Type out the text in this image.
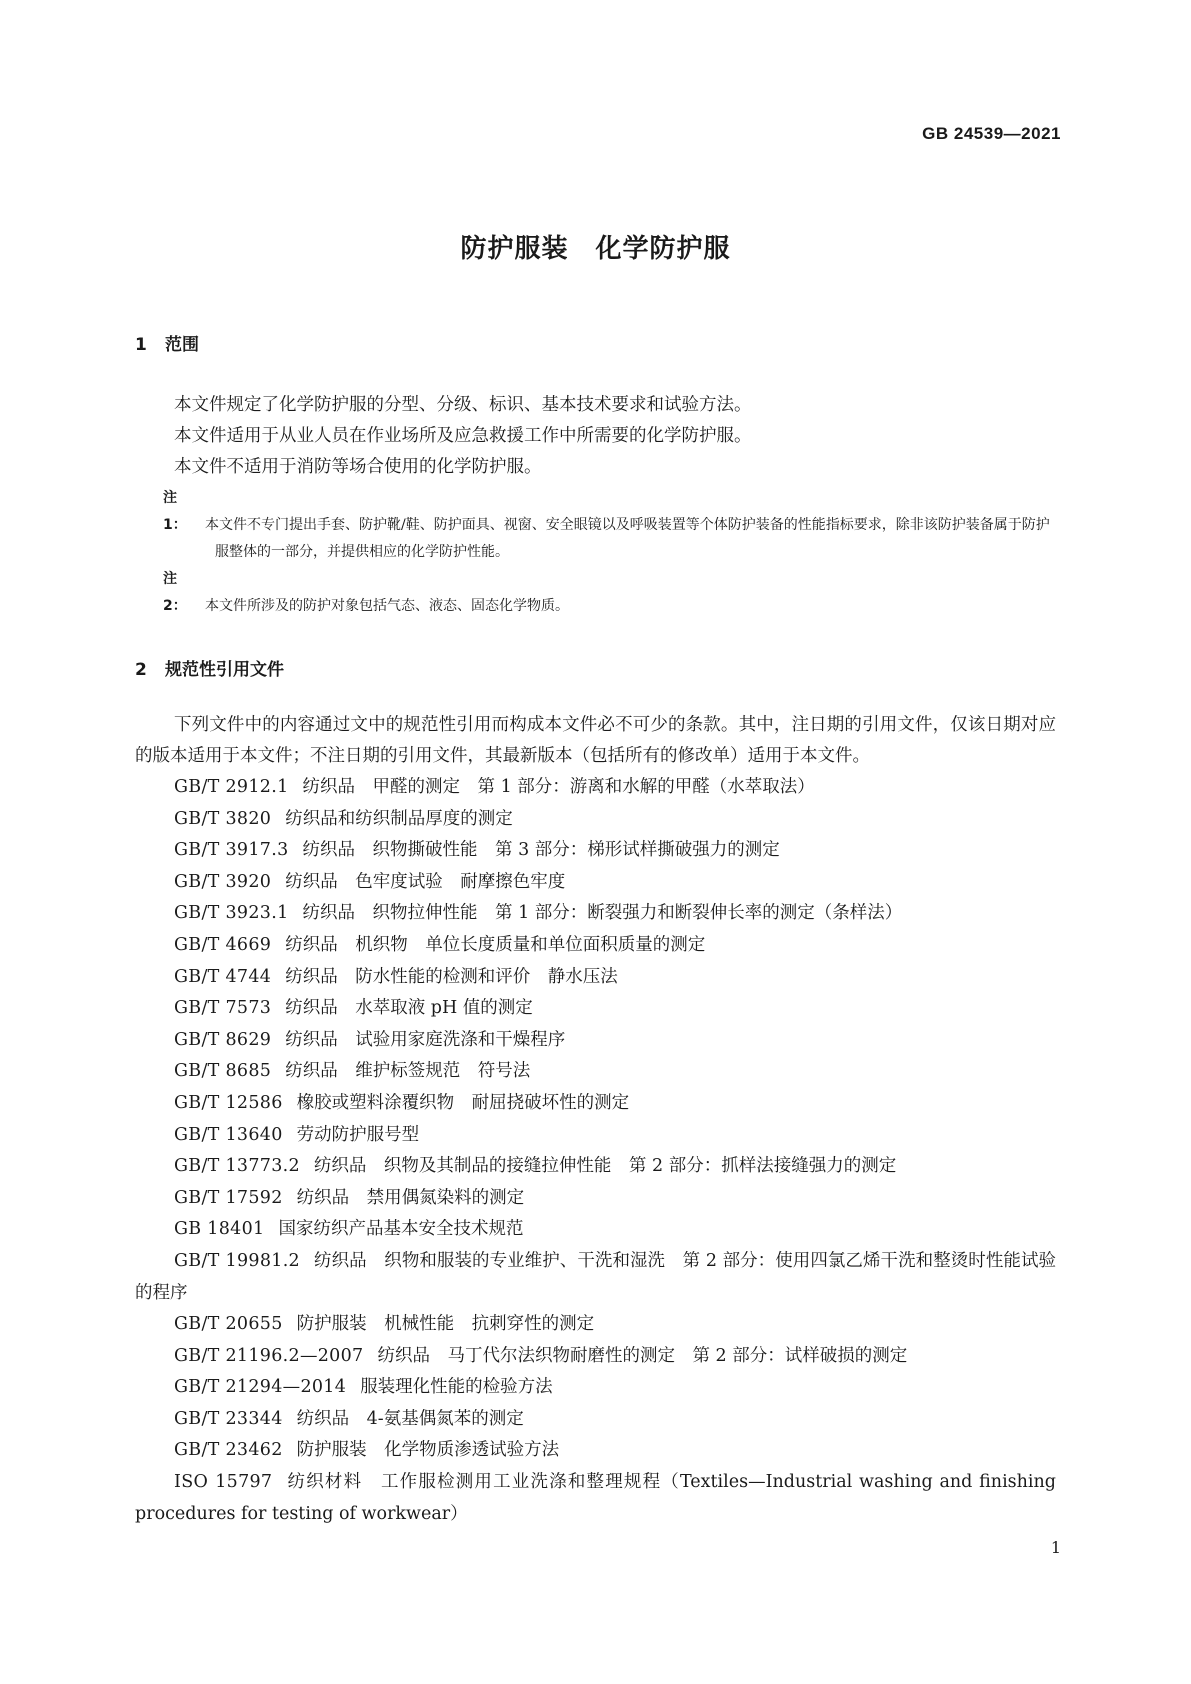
GB 24539—2021
防护服装　化学防护服
1 范围

本文件规定了化学防护服的分型、分级、标识、基本技术要求和试验方法。

本文件适用于从业人员在作业场所及应急救援工作中所需要的化学防护服。

本文件不适用于消防等场合使用的化学防护服。

注 1： 本文件不专门提出手套、防护靴/鞋、防护面具、视窗、安全眼镜以及呼吸装置等个体防护装备的性能指标要求，除非该防护装备属于防护服整体的一部分，并提供相应的化学防护性能。

注 2： 本文件所涉及的防护对象包括气态、液态、固态化学物质。

2 规范性引用文件

下列文件中的内容通过文中的规范性引用而构成本文件必不可少的条款。其中，注日期的引用文件，仅该日期对应的版本适用于本文件；不注日期的引用文件，其最新版本（包括所有的修改单）适用于本文件。

GB/T 2912.1 纺织品　甲醛的测定　第 1 部分：游离和水解的甲醛（水萃取法）

GB/T 3820 纺织品和纺织制品厚度的测定

GB/T 3917.3 纺织品　织物撕破性能　第 3 部分：梯形试样撕破强力的测定

GB/T 3920 纺织品　色牢度试验　耐摩擦色牢度

GB/T 3923.1 纺织品　织物拉伸性能　第 1 部分：断裂强力和断裂伸长率的测定（条样法）

GB/T 4669 纺织品　机织物　单位长度质量和单位面积质量的测定

GB/T 4744 纺织品　防水性能的检测和评价　静水压法

GB/T 7573 纺织品　水萃取液 pH 值的测定

GB/T 8629 纺织品　试验用家庭洗涤和干燥程序

GB/T 8685 纺织品　维护标签规范　符号法

GB/T 12586 橡胶或塑料涂覆织物　耐屈挠破坏性的测定

GB/T 13640 劳动防护服号型

GB/T 13773.2 纺织品　织物及其制品的接缝拉伸性能　第 2 部分：抓样法接缝强力的测定

GB/T 17592 纺织品　禁用偶氮染料的测定

GB 18401 国家纺织产品基本安全技术规范

GB/T 19981.2 纺织品　织物和服装的专业维护、干洗和湿洗　第 2 部分：使用四氯乙烯干洗和整烫时性能试验的程序

GB/T 20655 防护服装　机械性能　抗刺穿性的测定

GB/T 21196.2—2007 纺织品　马丁代尔法织物耐磨性的测定　第 2 部分：试样破损的测定

GB/T 21294—2014 服装理化性能的检验方法

GB/T 23344 纺织品　4-氨基偶氮苯的测定

GB/T 23462 防护服装　化学物质渗透试验方法

ISO 15797 纺织材料　工作服检测用工业洗涤和整理规程（Textiles—Industrial washing and finishing procedures for testing of workwear）

1
